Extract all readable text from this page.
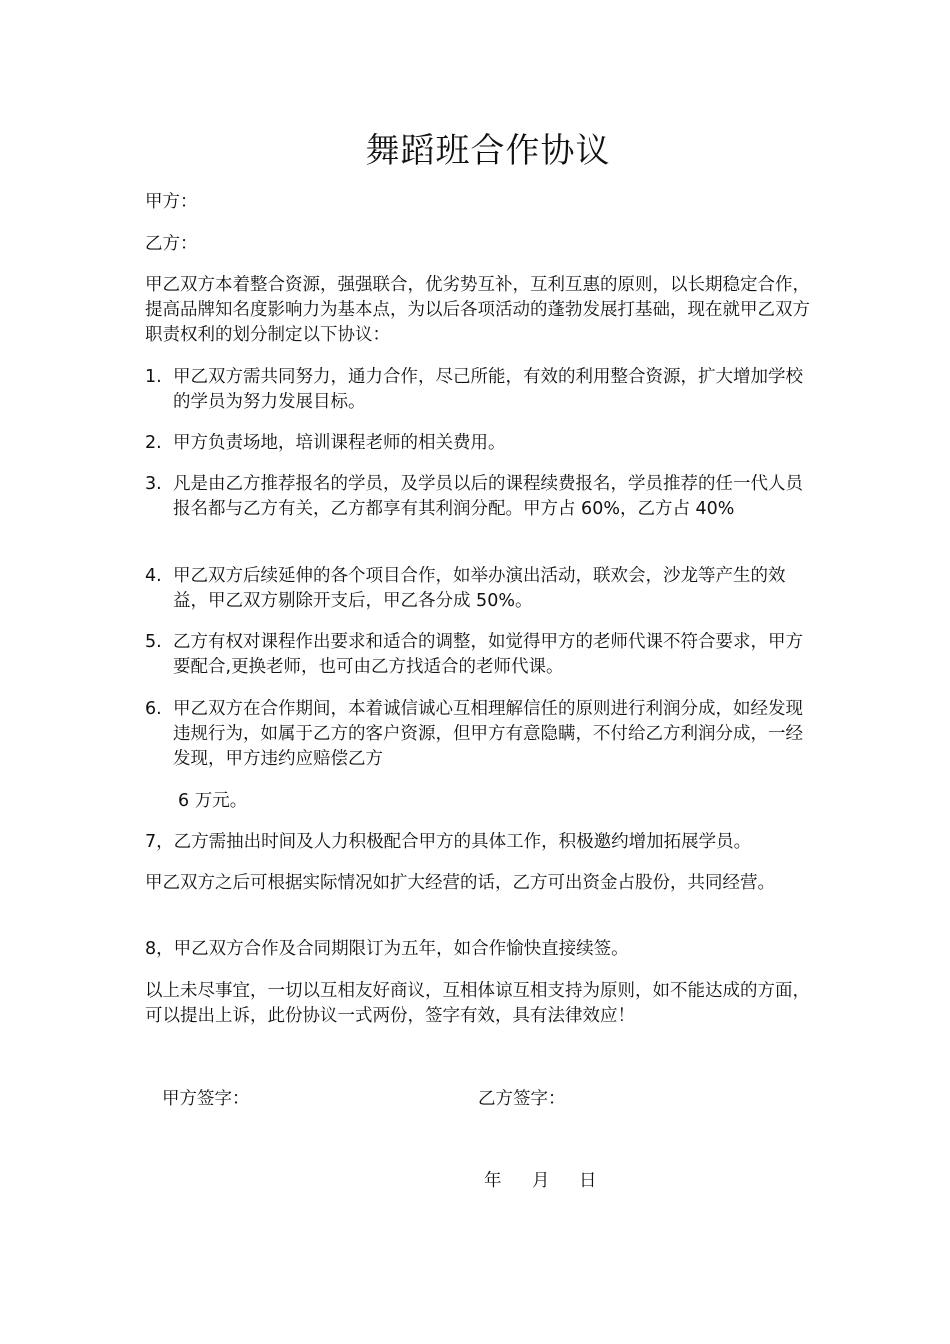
舞蹈班合作协议

甲方：

乙方：

甲乙双方本着整合资源，强强联合，优劣势互补，互利互惠的原则，以长期稳定合作，提高品牌知名度影响力为基本点，为以后各项活动的蓬勃发展打基础，现在就甲乙双方职责权利的划分制定以下协议：

1. 甲乙双方需共同努力，通力合作，尽己所能，有效的利用整合资源，扩大增加学校的学员为努力发展目标。
2. 甲方负责场地，培训课程老师的相关费用。
3. 凡是由乙方推荐报名的学员，及学员以后的课程续费报名，学员推荐的任一代人员报名都与乙方有关，乙方都享有其利润分配。甲方占 60%，乙方占 40%
4. 甲乙双方后续延伸的各个项目合作，如举办演出活动，联欢会，沙龙等产生的效益，甲乙双方剔除开支后，甲乙各分成 50%。
5. 乙方有权对课程作出要求和适合的调整，如觉得甲方的老师代课不符合要求，甲方要配合,更换老师，也可由乙方找适合的老师代课。
6. 甲乙双方在合作期间，本着诚信诚心互相理解信任的原则进行利润分成，如经发现违规行为，如属于乙方的客户资源，但甲方有意隐瞒，不付给乙方利润分成，一经发现，甲方违约应赔偿乙方

6 万元。

7，乙方需抽出时间及人力积极配合甲方的具体工作，积极邀约增加拓展学员。

甲乙双方之后可根据实际情况如扩大经营的话，乙方可出资金占股份，共同经营。

8，甲乙双方合作及合同期限订为五年，如合作愉快直接续签。

以上未尽事宜，一切以互相友好商议，互相体谅互相支持为原则，如不能达成的方面，可以提出上诉，此份协议一式两份，签字有效，具有法律效应！

甲方签字：	乙方签字：

年 月 日
